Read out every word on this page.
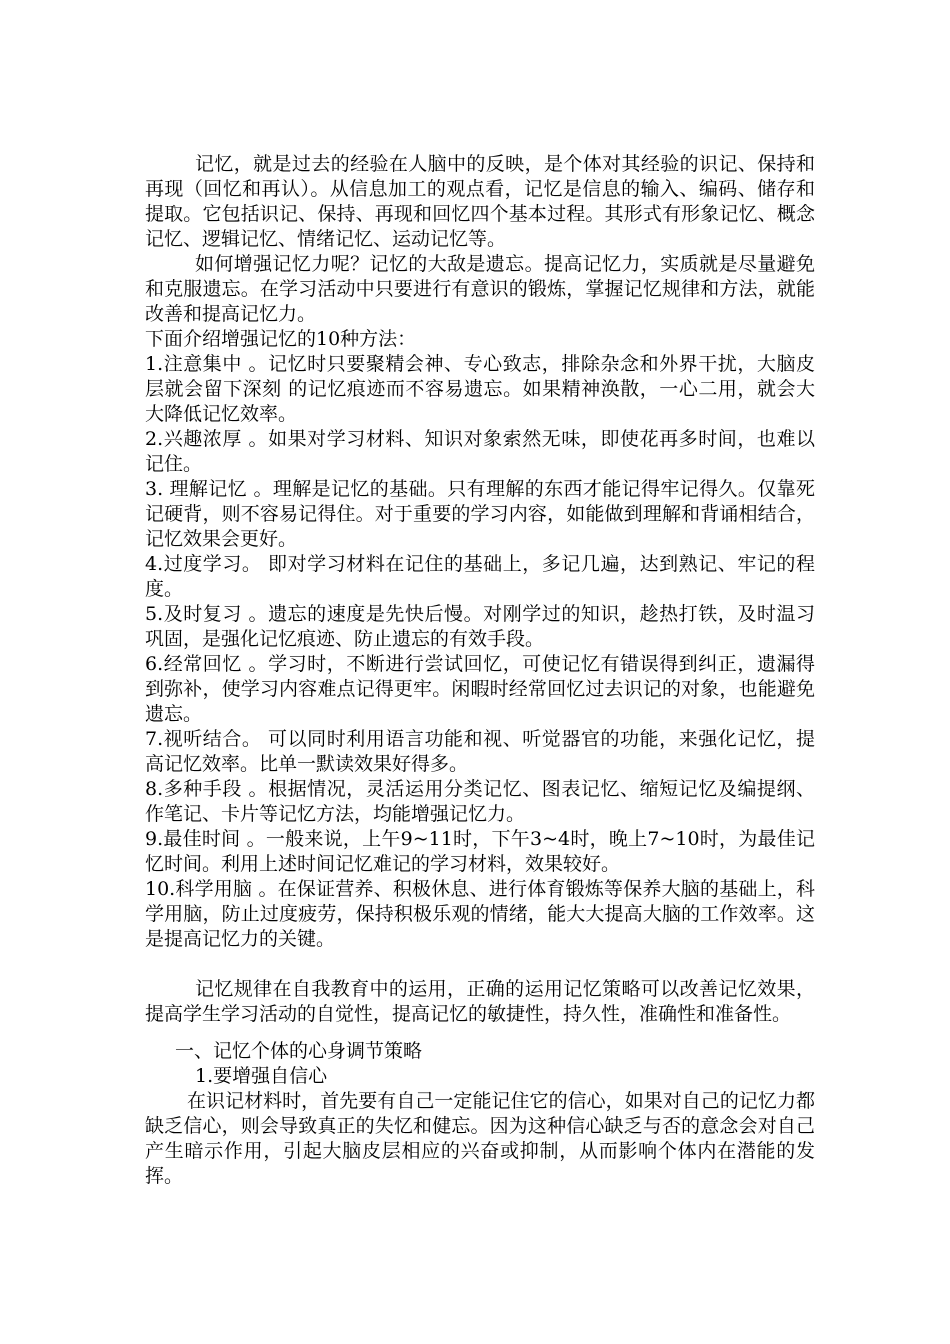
记忆，就是过去的经验在人脑中的反映，是个体对其经验的识记、保持和再现（回忆和再认）。从信息加工的观点看，记忆是信息的输入、编码、储存和提取。它包括识记、保持、再现和回忆四个基本过程。其形式有形象记忆、概念记忆、逻辑记忆、情绪记忆、运动记忆等。

如何增强记忆力呢？记忆的大敌是遗忘。提高记忆力，实质就是尽量避免和克服遗忘。在学习活动中只要进行有意识的锻炼，掌握记忆规律和方法，就能改善和提高记忆力。

下面介绍增强记忆的10种方法：

1.注意集中 。记忆时只要聚精会神、专心致志，排除杂念和外界干扰，大脑皮层就会留下深刻 的记忆痕迹而不容易遗忘。如果精神涣散，一心二用，就会大大降低记忆效率。

2.兴趣浓厚 。如果对学习材料、知识对象索然无味，即使花再多时间，也难以记住。

3. 理解记忆 。理解是记忆的基础。只有理解的东西才能记得牢记得久。仅靠死记硬背，则不容易记得住。对于重要的学习内容，如能做到理解和背诵相结合，记忆效果会更好。

4.过度学习。 即对学习材料在记住的基础上，多记几遍，达到熟记、牢记的程度。

5.及时复习 。遗忘的速度是先快后慢。对刚学过的知识，趁热打铁，及时温习巩固，是强化记忆痕迹、防止遗忘的有效手段。

6.经常回忆 。学习时，不断进行尝试回忆，可使记忆有错误得到纠正，遗漏得到弥补，使学习内容难点记得更牢。闲暇时经常回忆过去识记的对象，也能避免遗忘。

7.视听结合。 可以同时利用语言功能和视、听觉器官的功能，来强化记忆，提高记忆效率。比单一默读效果好得多。

8.多种手段 。根据情况，灵活运用分类记忆、图表记忆、缩短记忆及编提纲、作笔记、卡片等记忆方法，均能增强记忆力。

9.最佳时间 。一般来说，上午9~11时，下午3~4时，晚上7~10时，为最佳记忆时间。利用上述时间记忆难记的学习材料，效果较好。

10.科学用脑 。在保证营养、积极休息、进行体育锻炼等保养大脑的基础上，科学用脑，防止过度疲劳，保持积极乐观的情绪，能大大提高大脑的工作效率。这是提高记忆力的关键。

记忆规律在自我教育中的运用，正确的运用记忆策略可以改善记忆效果，提高学生学习活动的自觉性，提高记忆的敏捷性，持久性，准确性和准备性。

一、记忆个体的心身调节策略

1.要增强自信心

在识记材料时，首先要有自己一定能记住它的信心，如果对自己的记忆力都缺乏信心，则会导致真正的失忆和健忘。因为这种信心缺乏与否的意念会对自己产生暗示作用，引起大脑皮层相应的兴奋或抑制，从而影响个体内在潜能的发挥。
